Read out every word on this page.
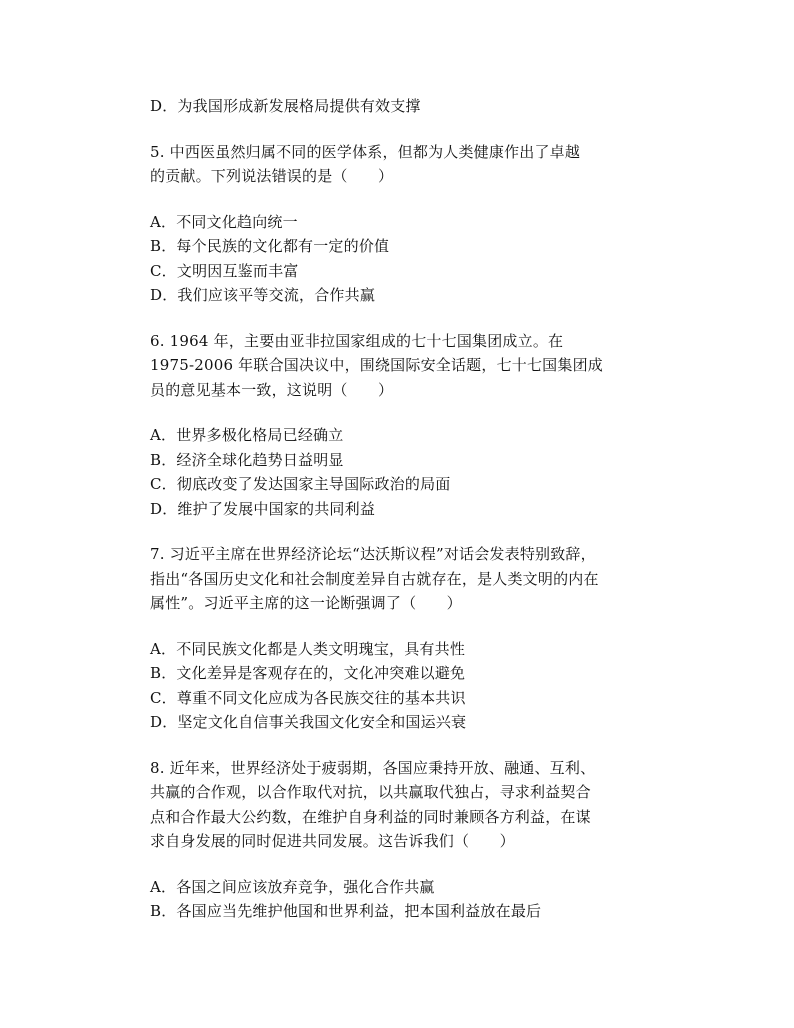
D．为我国形成新发展格局提供有效支撑
5. 中西医虽然归属不同的医学体系，但都为人类健康作出了卓越
的贡献。下列说法错误的是（　　）
A．不同文化趋向统一
B．每个民族的文化都有一定的价值
C．文明因互鉴而丰富
D．我们应该平等交流，合作共赢
6. 1964 年，主要由亚非拉国家组成的七十七国集团成立。在
1975-2006 年联合国决议中，围绕国际安全话题，七十七国集团成
员的意见基本一致，这说明（　　）
A．世界多极化格局已经确立
B．经济全球化趋势日益明显
C．彻底改变了发达国家主导国际政治的局面
D．维护了发展中国家的共同利益
7. 习近平主席在世界经济论坛“达沃斯议程”对话会发表特别致辞，
指出“各国历史文化和社会制度差异自古就存在，是人类文明的内在
属性”。习近平主席的这一论断强调了（　　）
A．不同民族文化都是人类文明瑰宝，具有共性
B．文化差异是客观存在的，文化冲突难以避免
C．尊重不同文化应成为各民族交往的基本共识
D．坚定文化自信事关我国文化安全和国运兴衰
8. 近年来，世界经济处于疲弱期，各国应秉持开放、融通、互利、
共赢的合作观，以合作取代对抗，以共赢取代独占，寻求利益契合
点和合作最大公约数，在维护自身利益的同时兼顾各方利益，在谋
求自身发展的同时促进共同发展。这告诉我们（　　）
A．各国之间应该放弃竞争，强化合作共赢
B．各国应当先维护他国和世界利益，把本国利益放在最后
